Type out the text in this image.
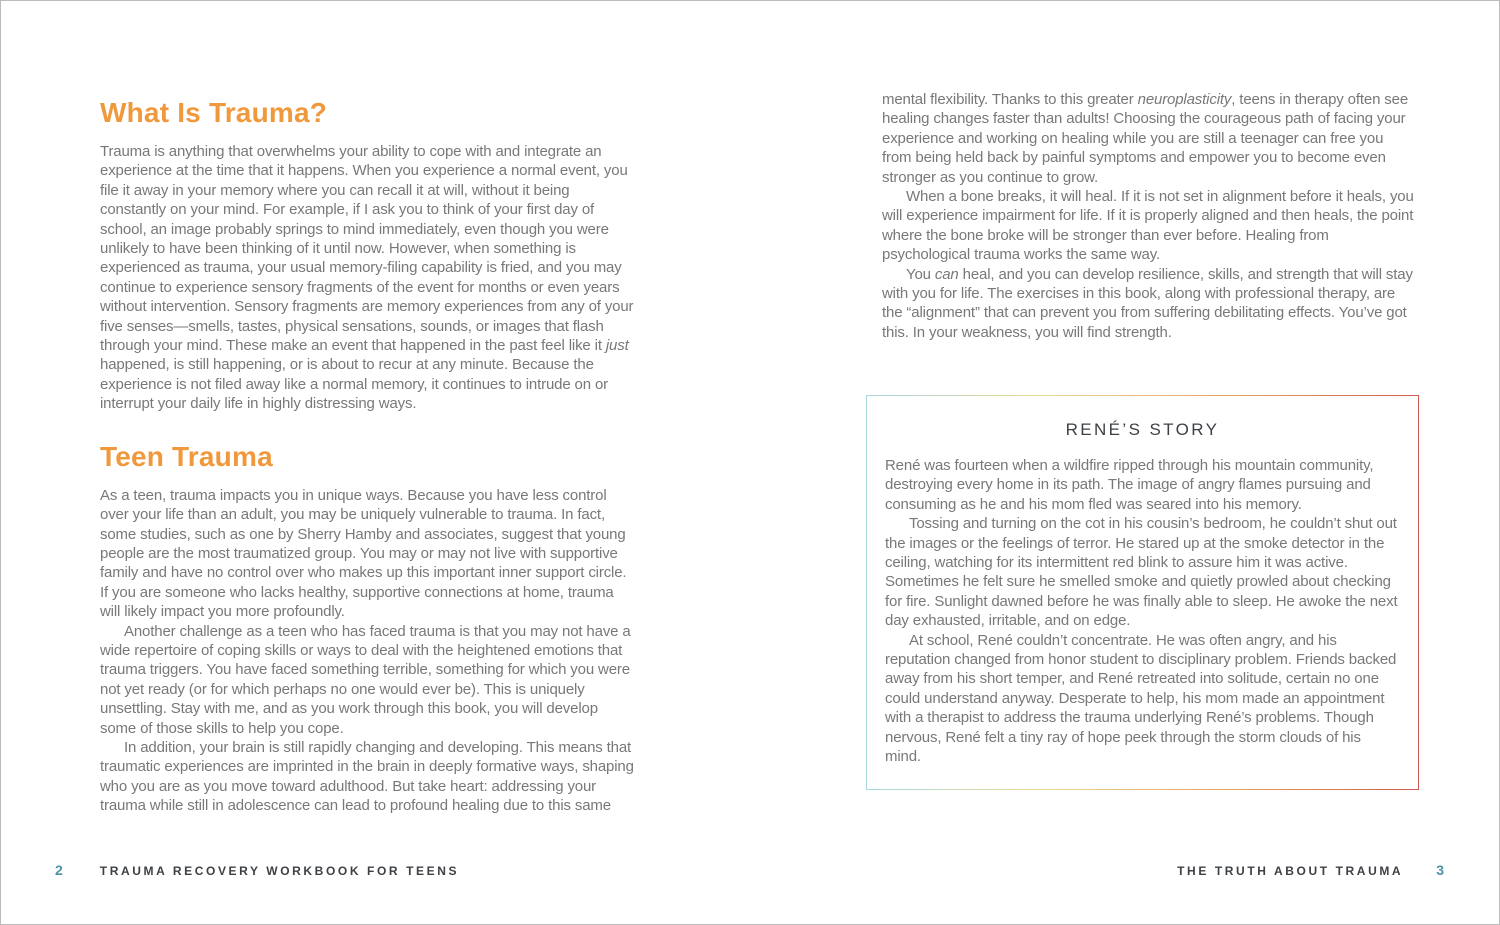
What Is Trauma?

Trauma is anything that overwhelms your ability to cope with and integrate an experience at the time that it happens. When you experience a normal event, you file it away in your memory where you can recall it at will, without it being constantly on your mind. For example, if I ask you to think of your first day of school, an image probably springs to mind immediately, even though you were unlikely to have been thinking of it until now. However, when something is experienced as trauma, your usual memory-filing capability is fried, and you may continue to experience sensory fragments of the event for months or even years without intervention. Sensory fragments are memory experiences from any of your five senses—smells, tastes, physical sensations, sounds, or images that flash through your mind. These make an event that happened in the past feel like it just happened, is still happening, or is about to recur at any minute. Because the experience is not filed away like a normal memory, it continues to intrude on or interrupt your daily life in highly distressing ways.

Teen Trauma

As a teen, trauma impacts you in unique ways. Because you have less control over your life than an adult, you may be uniquely vulnerable to trauma. In fact, some studies, such as one by Sherry Hamby and associates, suggest that young people are the most traumatized group. You may or may not live with supportive family and have no control over who makes up this important inner support circle. If you are someone who lacks healthy, supportive connections at home, trauma will likely impact you more profoundly.

Another challenge as a teen who has faced trauma is that you may not have a wide repertoire of coping skills or ways to deal with the heightened emotions that trauma triggers. You have faced something terrible, something for which you were not yet ready (or for which perhaps no one would ever be). This is uniquely unsettling. Stay with me, and as you work through this book, you will develop some of those skills to help you cope.

In addition, your brain is still rapidly changing and developing. This means that traumatic experiences are imprinted in the brain in deeply formative ways, shaping who you are as you move toward adulthood. But take heart: addressing your trauma while still in adolescence can lead to profound healing due to this same

mental flexibility. Thanks to this greater neuroplasticity, teens in therapy often see healing changes faster than adults! Choosing the courageous path of facing your experience and working on healing while you are still a teenager can free you from being held back by painful symptoms and empower you to become even stronger as you continue to grow.

When a bone breaks, it will heal. If it is not set in alignment before it heals, you will experience impairment for life. If it is properly aligned and then heals, the point where the bone broke will be stronger than ever before. Healing from psychological trauma works the same way.

You can heal, and you can develop resilience, skills, and strength that will stay with you for life. The exercises in this book, along with professional therapy, are the “alignment” that can prevent you from suffering debilitating effects. You’ve got this. In your weakness, you will find strength.

RENÉ’S STORY

René was fourteen when a wildfire ripped through his mountain community, destroying every home in its path. The image of angry flames pursuing and consuming as he and his mom fled was seared into his memory.

Tossing and turning on the cot in his cousin’s bedroom, he couldn’t shut out the images or the feelings of terror. He stared up at the smoke detector in the ceiling, watching for its intermittent red blink to assure him it was active. Sometimes he felt sure he smelled smoke and quietly prowled about checking for fire. Sunlight dawned before he was finally able to sleep. He awoke the next day exhausted, irritable, and on edge.

At school, René couldn’t concentrate. He was often angry, and his reputation changed from honor student to disciplinary problem. Friends backed away from his short temper, and René retreated into solitude, certain no one could understand anyway. Desperate to help, his mom made an appointment with a therapist to address the trauma underlying René’s problems. Though nervous, René felt a tiny ray of hope peek through the storm clouds of his mind.

2	TRAUMA RECOVERY WORKBOOK FOR TEENS	THE TRUTH ABOUT TRAUMA 3
